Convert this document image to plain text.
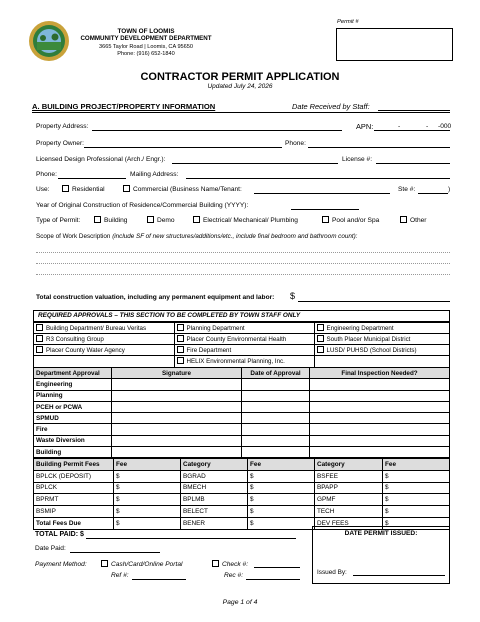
TOWN OF LOOMIS
COMMUNITY DEVELOPMENT DEPARTMENT
3665 Taylor Road | Loomis, CA 95650
Phone: (916) 652-1840
Permit #
CONTRACTOR PERMIT APPLICATION
Updated July 24, 2026
A. BUILDING PROJECT/PROPERTY INFORMATION	Date Received by Staff:
Property Address:	APN:	-	- -000
Property Owner:	Phone:
Licensed Design Professional (Arch./ Engr.):	License #:
Phone:	Mailing Address:
Use:	Residential	Commercial (Business Name/Tenant:	Ste #:	)
Year of Original Construction of Residence/Commercial Building (YYYY):
Type of Permit:	Building	Demo	Electrical/ Mechanical/ Plumbing	Pool and/or Spa	Other
Scope of Work Description (include SF of new structures/additions/etc., include final bedroom and bathroom count):
Total construction valuation, including any permanent equipment and labor: $
REQUIRED APPROVALS – THIS SECTION TO BE COMPLETED BY TOWN STAFF ONLY
Building Department/ Bureau Veritas	Planning Department	Engineering Department
R3 Consulting Group	Placer County Environmental Health	South Placer Municipal District
Placer County Water Agency	Fire Department	LUSD/ PUHSD (School Districts)
	HELIX Environmental Planning, Inc.	
Department Approval	Signature	Date of Approval	Final Inspection Needed?
Engineering			
Planning			
PCEH or PCWA			
SPMUD			
Fire			
Waste Diversion			
Building			
Building Permit Fees	Fee	Category	Fee	Category	Fee
BPLCK (DEPOSIT)	$	BGRAD	$	BSFEE	$
BPLCK	$	BMECH	$	BPAPP	$
BPRMT	$	BPLMB	$	GPMF	$
BSMIP	$	BELECT	$	TECH	$
Total Fees Due	$	BENER	$	DEV FEES	$
TOTAL PAID: $
Date Paid:
Payment Method:	Cash/Card/Online Portal	Check #:
Ref #:	Rec #:
DATE PERMIT ISSUED:
Issued By:
Page 1 of 4
